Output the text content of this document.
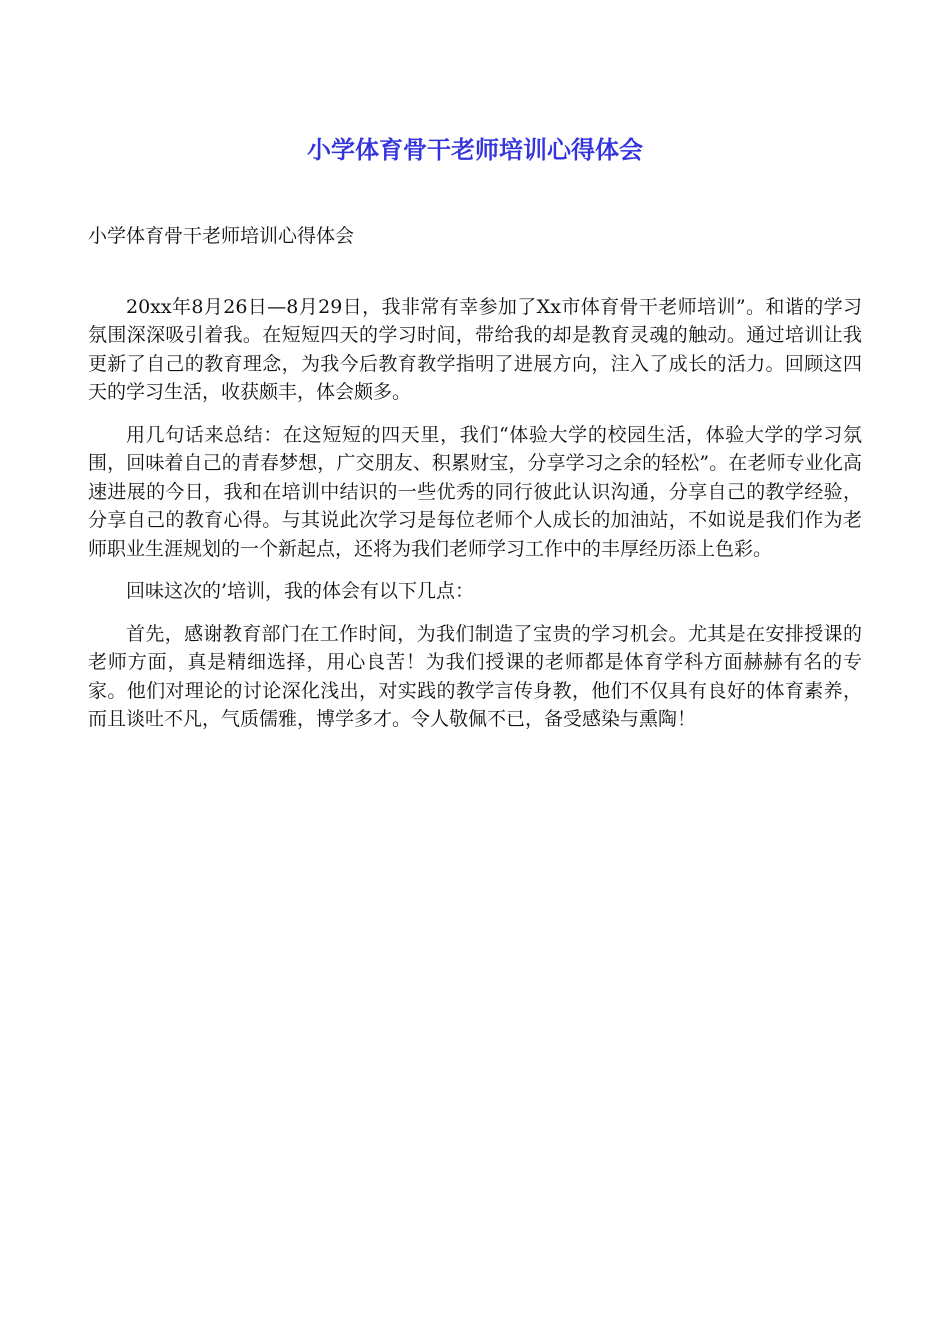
小学体育骨干老师培训心得体会

小学体育骨干老师培训心得体会

20xx年8月26日—8月29日，我非常有幸参加了Xx市体育骨干老师培训”。和谐的学习氛围深深吸引着我。在短短四天的学习时间，带给我的却是教育灵魂的触动。通过培训让我更新了自己的教育理念，为我今后教育教学指明了进展方向，注入了成长的活力。回顾这四天的学习生活，收获颇丰，体会颇多。

用几句话来总结：在这短短的四天里，我们“体验大学的校园生活，体验大学的学习氛围，回味着自己的青春梦想，广交朋友、积累财宝，分享学习之余的轻松”。在老师专业化高速进展的今日，我和在培训中结识的一些优秀的同行彼此认识沟通，分享自己的教学经验，分享自己的教育心得。与其说此次学习是每位老师个人成长的加油站，不如说是我们作为老师职业生涯规划的一个新起点，还将为我们老师学习工作中的丰厚经历添上色彩。

回味这次的’培训，我的体会有以下几点：

首先，感谢教育部门在工作时间，为我们制造了宝贵的学习机会。尤其是在安排授课的老师方面，真是精细选择，用心良苦！为我们授课的老师都是体育学科方面赫赫有名的专家。他们对理论的讨论深化浅出，对实践的教学言传身教，他们不仅具有良好的体育素养，而且谈吐不凡，气质儒雅，博学多才。令人敬佩不已，备受感染与熏陶！
